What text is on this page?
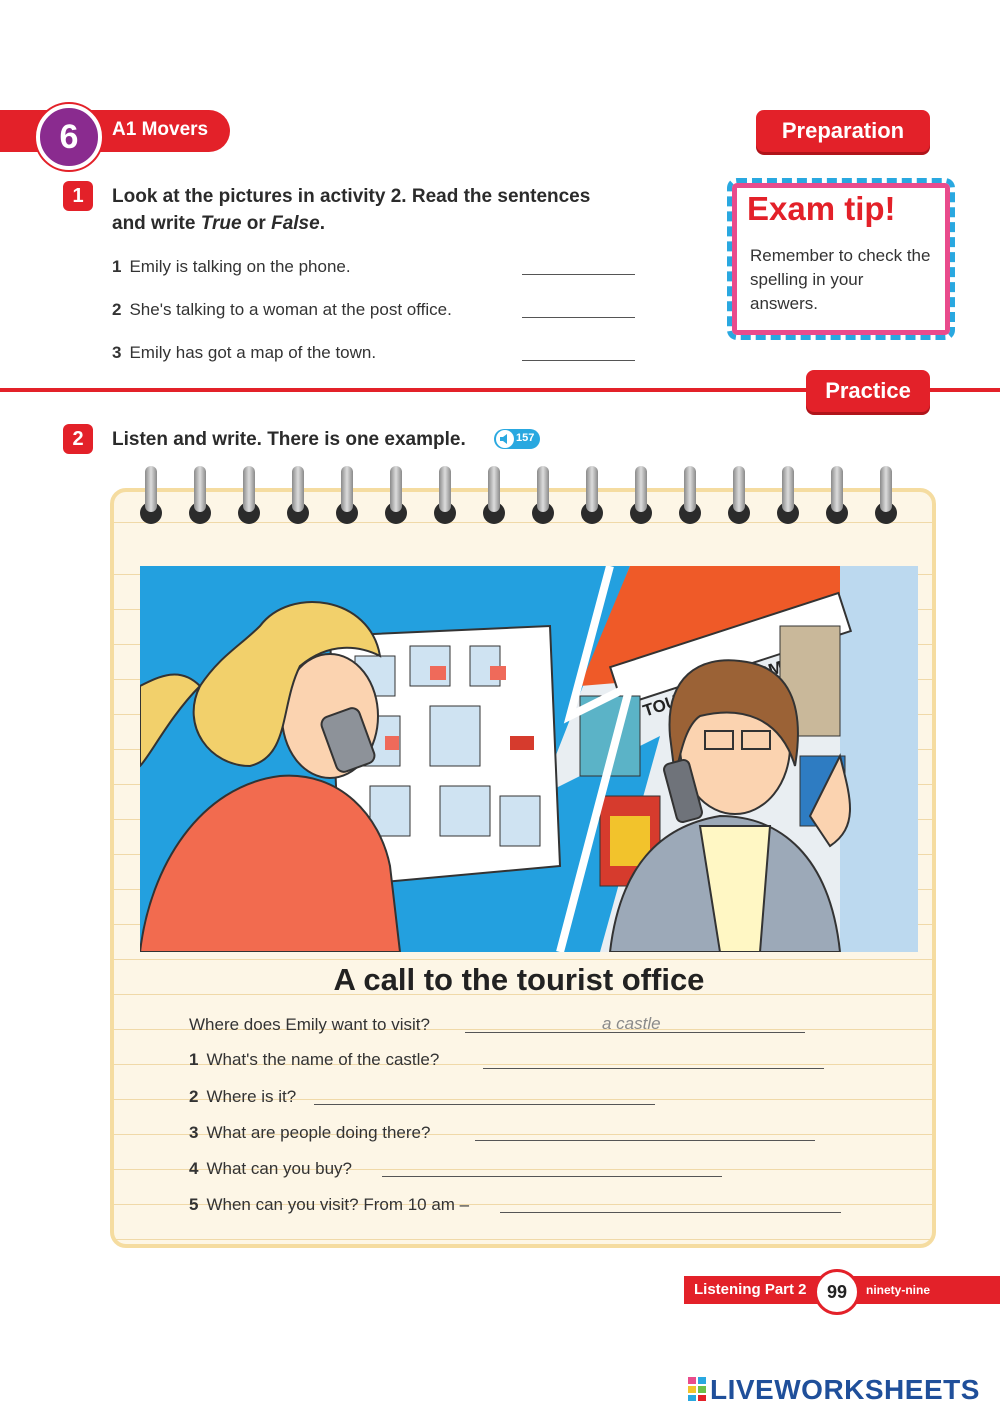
6 A1 Movers	Preparation
1	Look at the pictures in activity 2. Read the sentences
and write True or False.
1 Emily is talking on the phone.
2 She's talking to a woman at the post office.
3 Emily has got a map of the town.
Exam tip!
Remember to check the spelling in your answers.
Practice
2	Listen and write. There is one example.	157
INFORMATION
A call to the tourist office
Where does Emily want to visit?	a castle
1 What's the name of the castle?
2 Where is it?
3 What are people doing there?
4 What can you buy?
5 When can you visit? From 10 am –
Listening Part 2	99	ninety-nine
LIVEWORKSHEETS
